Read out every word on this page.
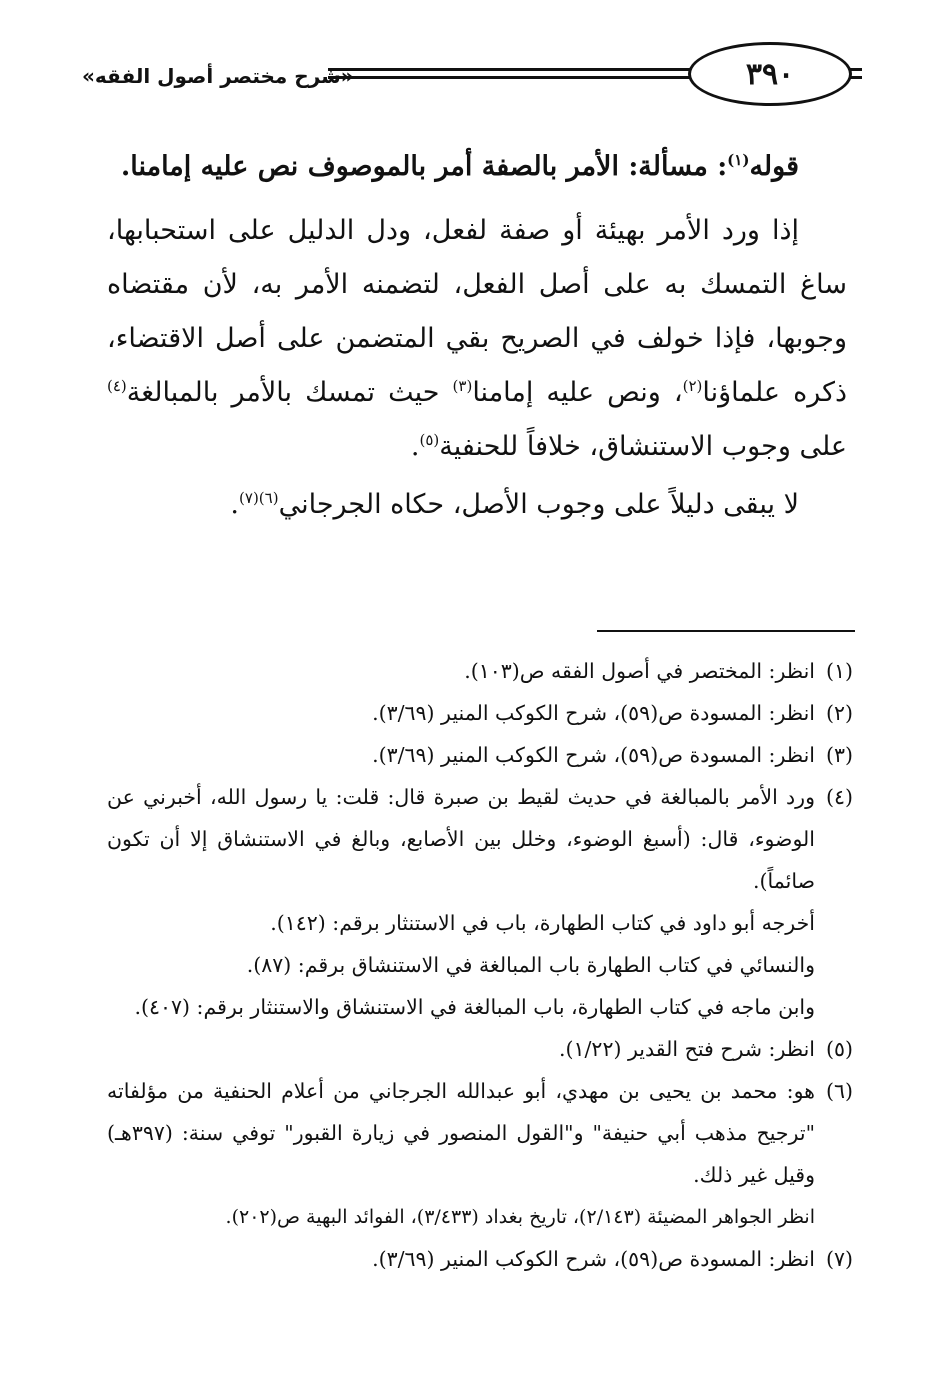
«شرح مختصر أصول الفقه»	٣٩٠

قوله$^{(١)}$: مسألة: الأمر بالصفة أمر بالموصوف نص عليه إمامنا.

إذا ورد الأمر بهيئة أو صفة لفعل، ودل الدليل على استحبابها، ساغ التمسك به على أصل الفعل، لتضمنه الأمر به، لأن مقتضاه وجوبها، فإذا خولف في الصريح بقي المتضمن على أصل الاقتضاء، ذكره علماؤنا$^{(٢)}$، ونص عليه إمامنا$^{(٣)}$ حيث تمسك بالأمر بالمبالغة$^{(٤)}$ على وجوب الاستنشاق، خلافاً للحنفية$^{(٥)}$.

لا يبقى دليلاً على وجوب الأصل، حكاه الجرجاني$^{(٦)(٧)}$.

(١)
انظر: المختصر في أصول الفقه ص(١٠٣).
(٢)
انظر: المسودة ص(٥٩)، شرح الكوكب المنير (٣/٦٩).
(٣)
انظر: المسودة ص(٥٩)، شرح الكوكب المنير (٣/٦٩).
(٤)
ورد الأمر بالمبالغة في حديث لقيط بن صبرة قال: قلت: يا رسول الله، أخبرني عن الوضوء، قال: (أسبغ الوضوء، وخلل بين الأصابع، وبالغ في الاستنشاق إلا أن تكون صائماً).
أخرجه أبو داود في كتاب الطهارة، باب في الاستنثار برقم: (١٤٢).
والنسائي في كتاب الطهارة باب المبالغة في الاستنشاق برقم: (٨٧).
وابن ماجه في كتاب الطهارة، باب المبالغة في الاستنشاق والاستنثار برقم: (٤٠٧).
(٥)
انظر: شرح فتح القدير (١/٢٢).
(٦)
هو: محمد بن يحيى بن مهدي، أبو عبدالله الجرجاني من أعلام الحنفية من مؤلفاته "ترجيح مذهب أبي حنيفة" و"القول المنصور في زيارة القبور" توفي سنة: (٣٩٧هـ) وقيل غير ذلك.
انظر الجواهر المضيئة (٢/١٤٣)، تاريخ بغداد (٣/٤٣٣)، الفوائد البهية ص(٢٠٢).
(٧)
انظر: المسودة ص(٥٩)، شرح الكوكب المنير (٣/٦٩).
